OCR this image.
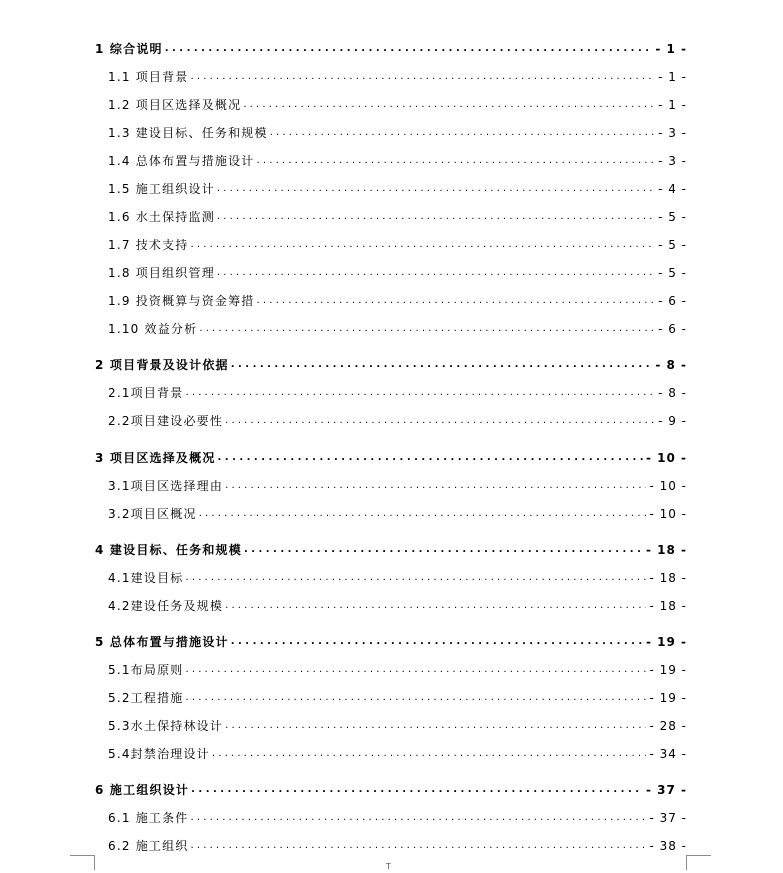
1 综合说明 . . .	- 1 -
1.1 项目背景 . . .	- 1 -
1.2 项目区选择及概况 . . .	- 1 -
1.3 建设目标、任务和规模 . . .	- 3 -
1.4 总体布置与措施设计 . . .	- 3 -
1.5 施工组织设计 . . .	- 4 -
1.6 水土保持监测 . . .	- 5 -
1.7 技术支持 . . .	- 5 -
1.8 项目组织管理 . . .	- 5 -
1.9 投资概算与资金筹措 . . .	- 6 -
1.10 效益分析 . . .	- 6 -
2 项目背景及设计依据 . . .	- 8 -
2.1项目背景 . . .	- 8 -
2.2项目建设必要性 . . .	- 9 -
3 项目区选择及概况 . . .	- 10 -
3.1项目区选择理由 . . .	- 10 -
3.2项目区概况 . . .	- 10 -
4 建设目标、任务和规模 . . .	- 18 -
4.1建设目标 . . .	- 18 -
4.2建设任务及规模 . . .	- 18 -
5 总体布置与措施设计 . . .	- 19 -
5.1布局原则 . . .	- 19 -
5.2工程措施 . . .	- 19 -
5.3水土保持林设计 . . .	- 28 -
5.4封禁治理设计 . . .	- 34 -
6 施工组织设计 . . .	- 37 -
6.1 施工条件 . . .	- 37 -
6.2 施工组织 . . .	- 38 -
T
